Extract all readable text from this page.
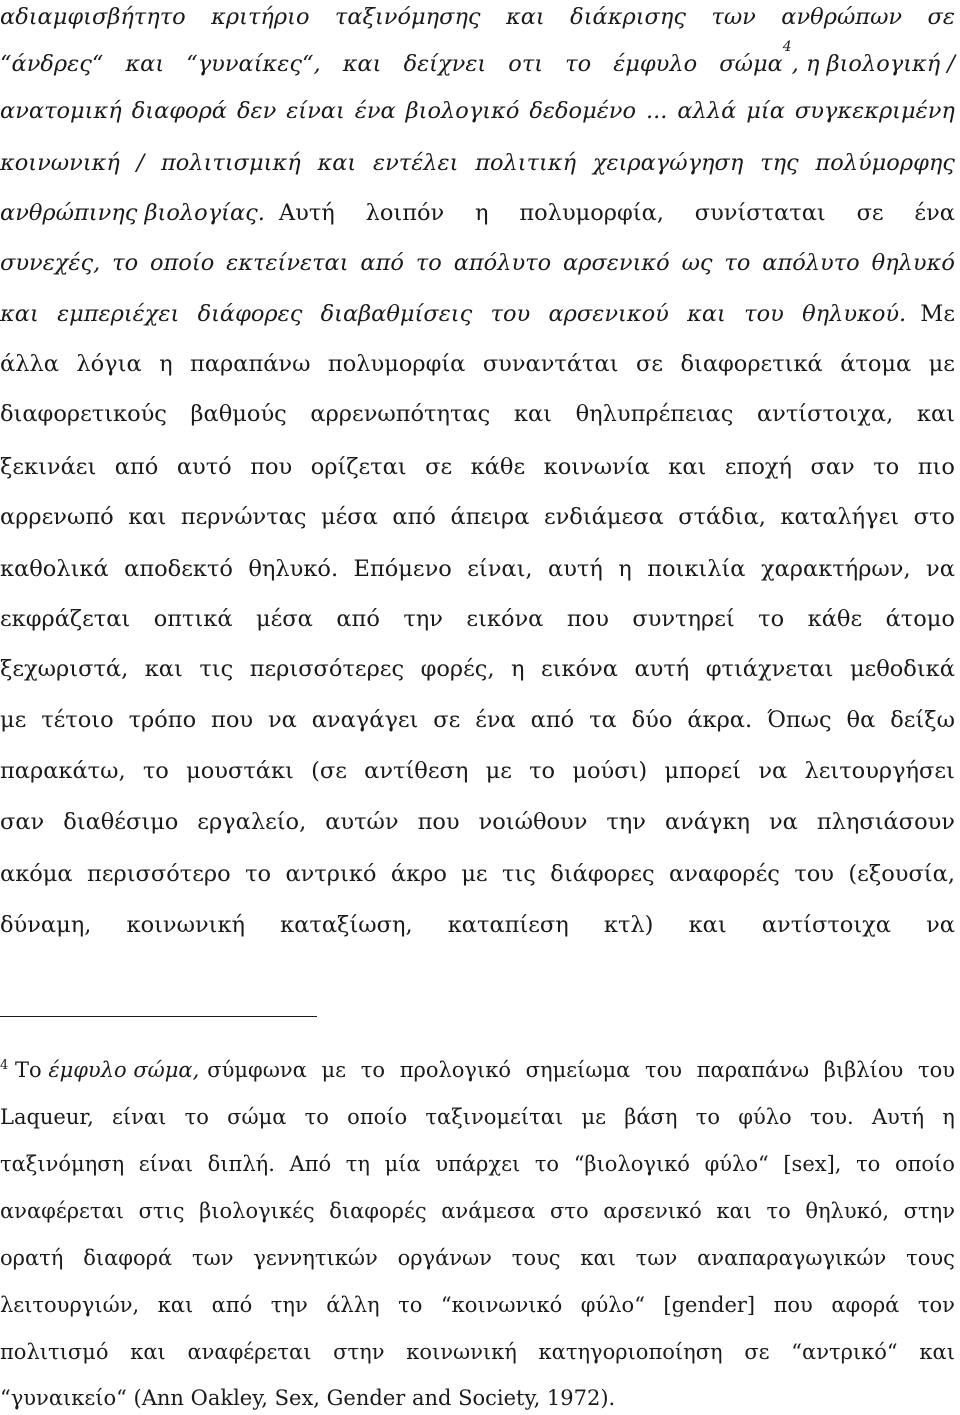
αδιαμφισβήτητο κριτήριο ταξινόμησης και διάκρισης των ανθρώπων σε
“άνδρες“ και “γυναίκες“, και δείχνει οτι το έμφυλο σώμα
4
, η βιολογική /
ανατομική διαφορά δεν είναι ένα βιολογικό δεδομένο ... αλλά μία συγκεκριμένη
κοινωνική / πολιτισμική και εντέλει πολιτική χειραγώγηση της πολύμορφης
ανθρώπινης βιολογίας. Αυτή λοιπόν η πολυμορφία, συνίσταται σε ένα
συνεχές, το οποίο εκτείνεται από το απόλυτο αρσενικό ως το απόλυτο θηλυκό
και εμπεριέχει διάφορες διαβαθμίσεις του αρσενικού και του θηλυκού. Με
άλλα λόγια η παραπάνω πολυμορφία συναντάται σε διαφορετικά άτομα με
διαφορετικούς βαθμούς αρρενωπότητας και θηλυπρέπειας αντίστοιχα, και
ξεκινάει από αυτό που ορίζεται σε κάθε κοινωνία και εποχή σαν το πιο
αρρενωπό και περνώντας μέσα από άπειρα ενδιάμεσα στάδια, καταλήγει στο
καθολικά αποδεκτό θηλυκό. Επόμενο είναι, αυτή η ποικιλία χαρακτήρων, να
εκφράζεται οπτικά μέσα από την εικόνα που συντηρεί το κάθε άτομο
ξεχωριστά, και τις περισσότερες φορές, η εικόνα αυτή φτιάχνεται μεθοδικά
με τέτοιο τρόπο που να αναγάγει σε ένα από τα δύο άκρα. Όπως θα δείξω
παρακάτω, το μουστάκι (σε αντίθεση με το μούσι) μπορεί να λειτουργήσει
σαν διαθέσιμο εργαλείο, αυτών που νοιώθουν την ανάγκη να πλησιάσουν
ακόμα περισσότερο το αντρικό άκρο με τις διάφορες αναφορές του (εξουσία,
δύναμη, κοινωνική καταξίωση, καταπίεση κτλ) και αντίστοιχα να
$^4$ Το έμφυλο σώμα, σύμφωνα με το προλογικό σημείωμα του παραπάνω βιβλίου του
Laqueur, είναι το σώμα το οποίο ταξινομείται με βάση το φύλο του. Αυτή η
ταξινόμηση είναι διπλή. Από τη μία υπάρχει το “βιολογικό φύλο“ [sex], το οποίο
αναφέρεται στις βιολογικές διαφορές ανάμεσα στο αρσενικό και το θηλυκό, στην
ορατή διαφορά των γεννητικών οργάνων τους και των αναπαραγωγικών τους
λειτουργιών, και από την άλλη το “κοινωνικό φύλο“ [gender] που αφορά τον
πολιτισμό και αναφέρεται στην κοινωνική κατηγοριοποίηση σε “αντρικό“ και
“γυναικείο“ (Ann Oakley, Sex, Gender and Society, 1972).
